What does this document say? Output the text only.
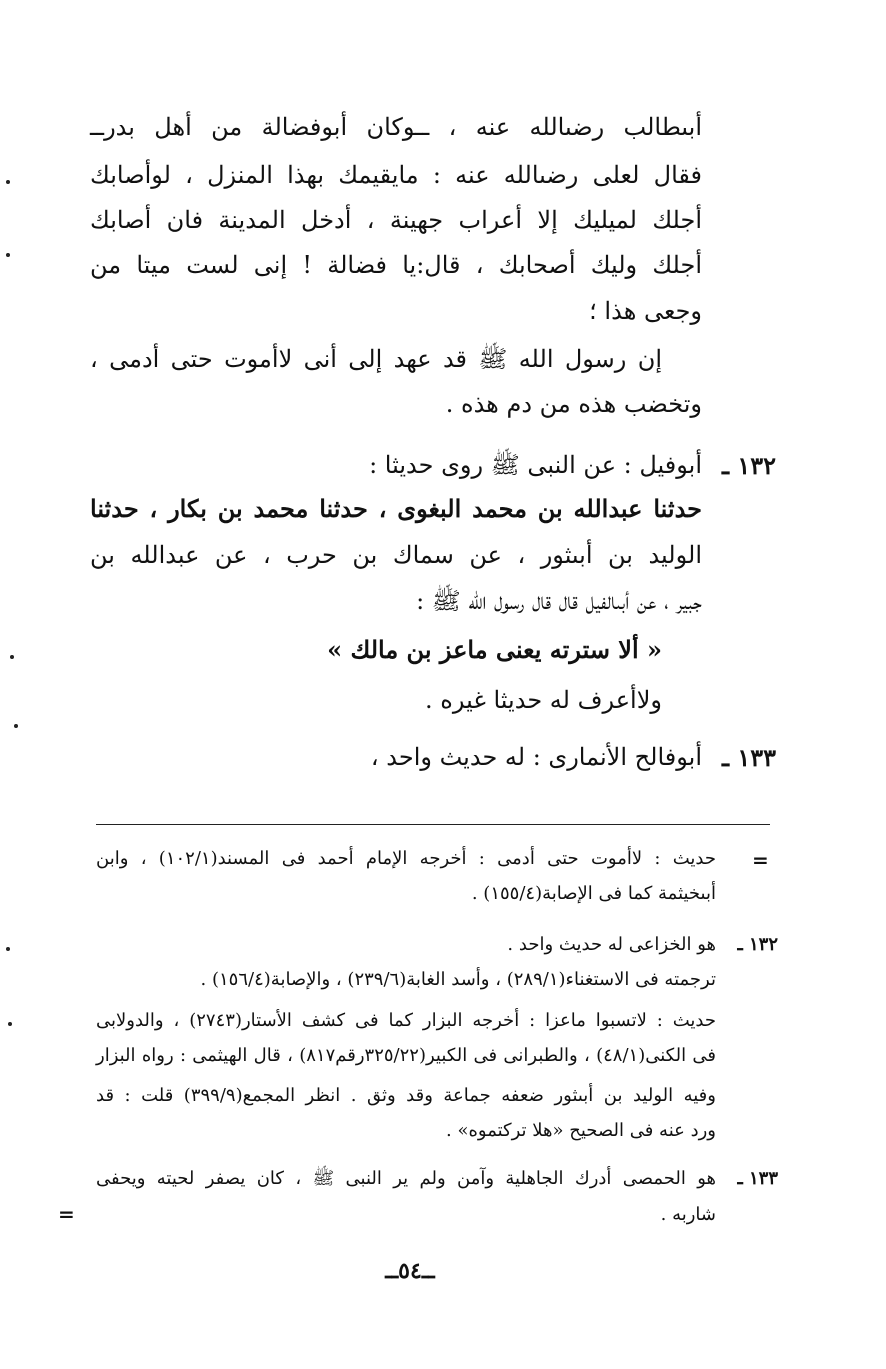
أبىطالب رضىالله عنه ، ــوكان أبوفضالة من أهل بدرــ
فقال لعلى رضىالله عنه : مايقيمك بهذا المنزل ، لوأصابك
أجلك لميليك إلا أعراب جهينة ، أدخل المدينة فان أصابك
أجلك وليك أصحابك ، قال:يا فضالة ! إنى لست ميتا من
وجعى هذا ؛
إن رسول الله ﷺ قد عهد إلى أنى لاأموت حتى أدمى ،
وتخضب هذه من دم هذه .
١٣٢ ـ
أبوفيل : عن النبى ﷺ روى حديثا :
حدثنا عبدالله بن محمد البغوى ، حدثنا محمد بن بكار ، حدثنا
الوليد بن أبىثور ، عن سماك بن حرب ، عن عبدالله بن
جبير ، عن أبىالفيل قال قال رسول الله ﷺ :
« ألا سترته يعنى ماعز بن مالك »
ولاأعرف له حديثا غيره .
١٣٣ ـ
أبوفالح الأنمارى : له حديث واحد ،
=
حديث : لاأموت حتى أدمى : أخرجه الإمام أحمد فى المسند(١٠٢/١) ، وابن
أبىخيثمة كما فى الإصابة(١٥٥/٤) .
١٣٢ ـ
هو الخزاعى له حديث واحد .
ترجمته فى الاستغناء(٢٨٩/١) ، وأسد الغابة(٢٣٩/٦) ، والإصابة(١٥٦/٤) .
حديث : لاتسبوا ماعزا : أخرجه البزار كما فى كشف الأستار(٢٧٤٣) ، والدولابى
فى الكنى(٤٨/١) ، والطبرانى فى الكبير(٣٢٥/٢٢رقم٨١٧) ، قال الهيثمى : رواه البزار
وفيه الوليد بن أبىثور ضعفه جماعة وقد وثق . انظر المجمع(٣٩٩/٩) قلت : قد
ورد عنه فى الصحيح «هلا تركتموه» .
١٣٣ ـ
هو الحمصى أدرك الجاهلية وآمن ولم ير النبى ﷺ ، كان يصفر لحيته ويحفى
شاربه .
=
ــ٥٤ــ
